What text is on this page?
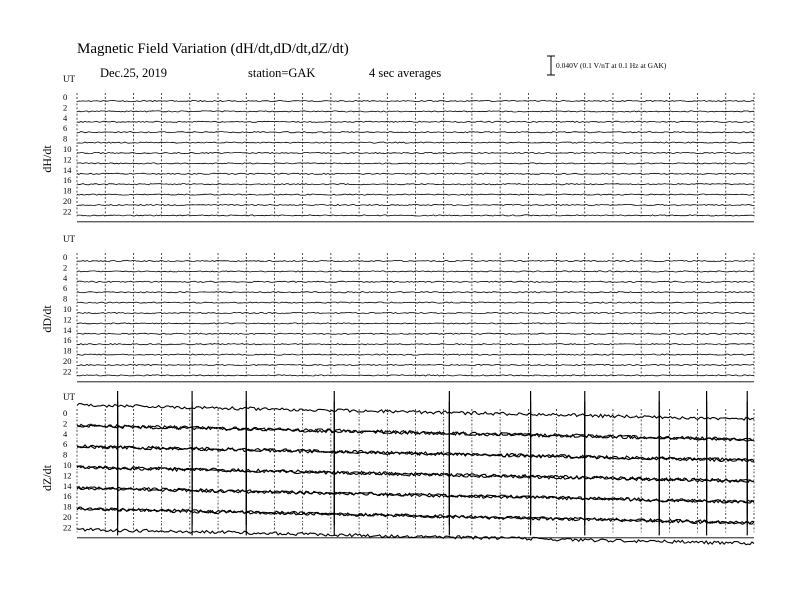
Magnetic Field Variation (dH/dt,dD/dt,dZ/dt)
Dec.25, 2019	station=GAK	4 sec averages
0.040V (0.1 V/nT at 0.1 Hz at GAK)
UT
dH/dt
0
2
4
6
8
10
12
14
16
18
20
22
UT
dD/dt
0
2
4
6
8
10
12
14
16
18
20
22
UT
dZ/dt
0
2
4
6
8
10
12
14
16
18
20
22
